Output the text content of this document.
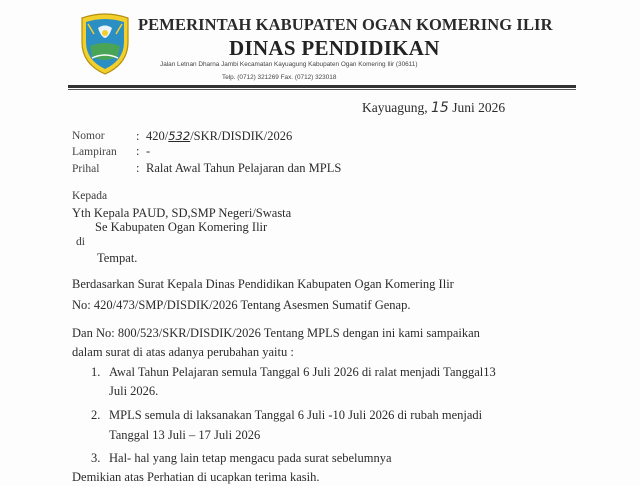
PEMERINTAH KABUPATEN OGAN KOMERING ILIR
DINAS PENDIDIKAN
Jalan Letnan Dharna Jambi Kecamatan Kayuagung Kabupaten Ogan Komering Ilir (30611)
Telp. (0712) 321269 Fax. (0712) 323018
Kayuagung, 15 Juni 2026
Nomor	: 420/532/SKR/DISDIK/2026
Lampiran : -
Prihal	: Ralat Awal Tahun Pelajaran dan MPLS
Kepada
Yth Kepala PAUD, SD,SMP Negeri/Swasta
Se Kabupaten Ogan Komering Ilir
di
Tempat.
Berdasarkan Surat Kepala Dinas Pendidikan Kabupaten Ogan Komering Ilir
No: 420/473/SMP/DISDIK/2026 Tentang Asesmen Sumatif Genap.
Dan No: 800/523/SKR/DISDIK/2026 Tentang MPLS dengan ini kami sampaikan
dalam surat di atas adanya perubahan yaitu :
1. Awal Tahun Pelajaran semula Tanggal 6 Juli 2026 di ralat menjadi Tanggal13
Juli 2026.
2. MPLS semula di laksanakan Tanggal 6 Juli -10 Juli 2026 di rubah menjadi
Tanggal 13 Juli – 17 Juli 2026
3. Hal- hal yang lain tetap mengacu pada surat sebelumnya
Demikian atas Perhatian di ucapkan terima kasih.
